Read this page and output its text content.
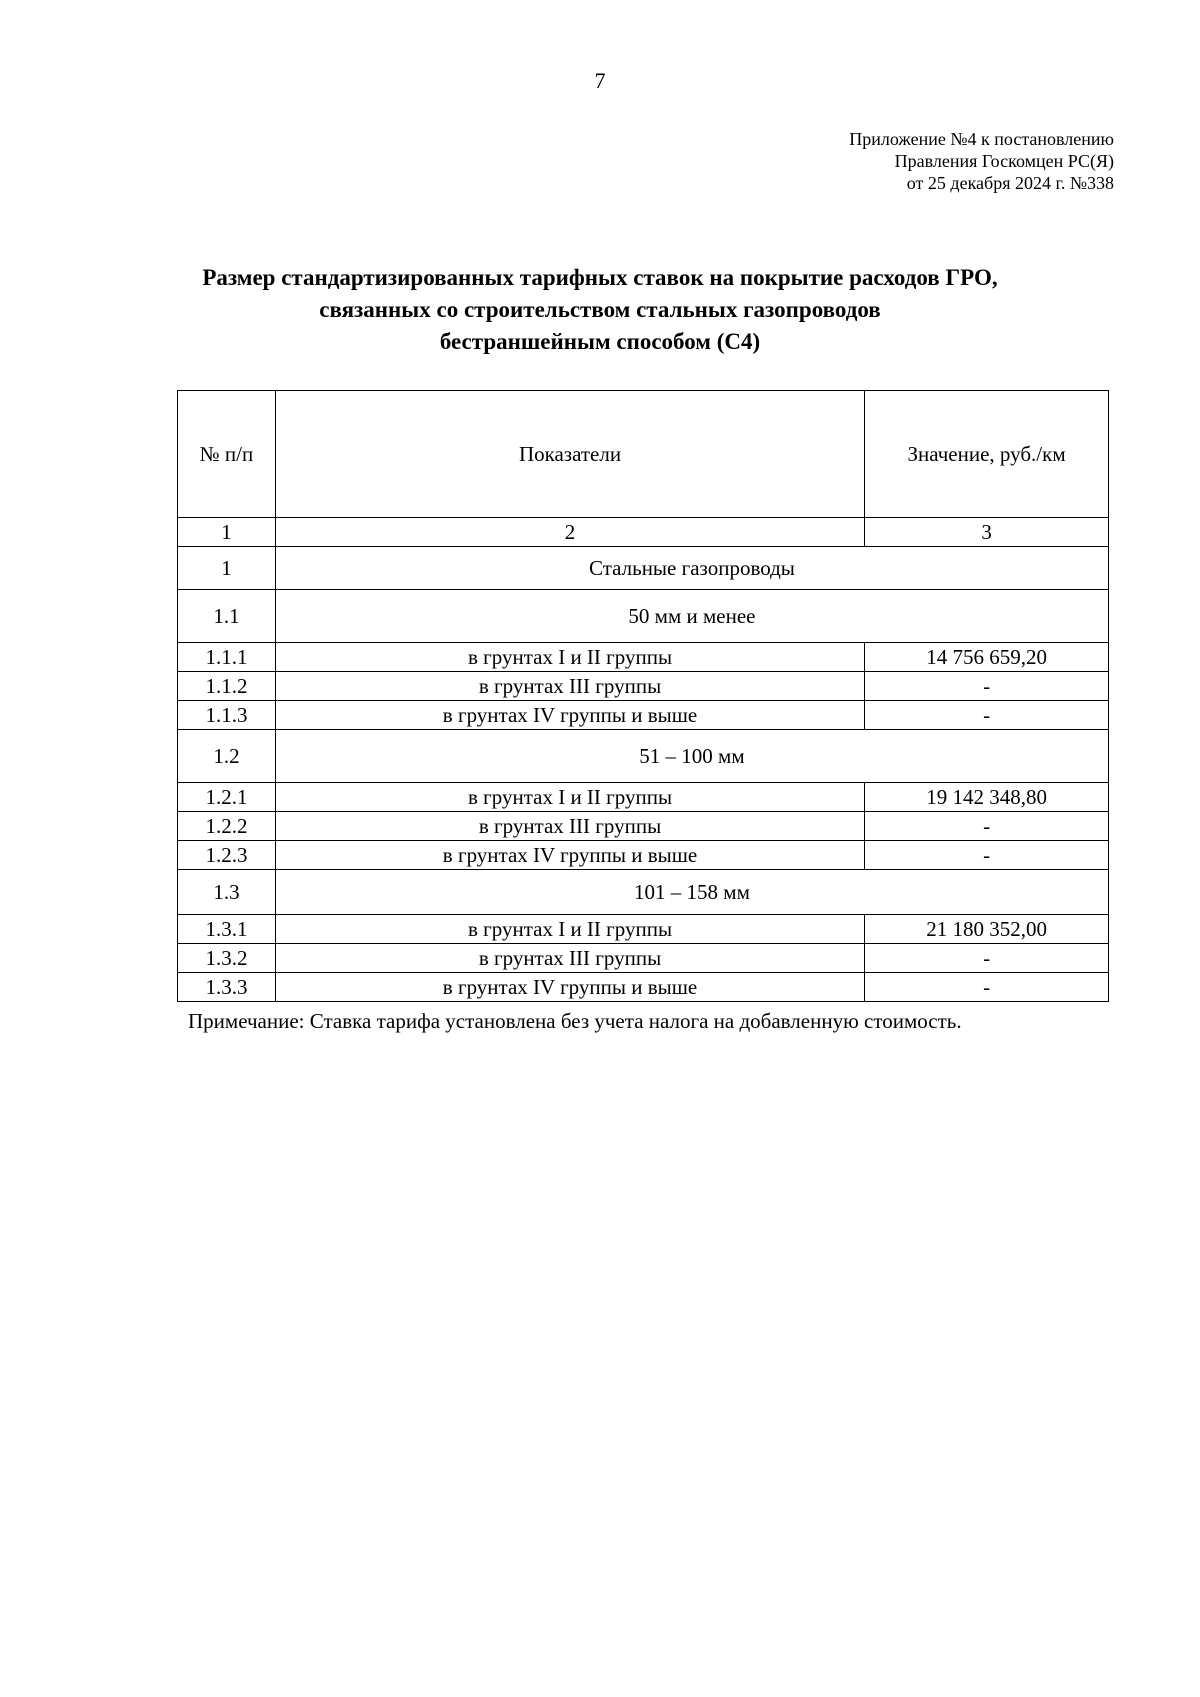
7
Приложение №4 к постановлению
Правления Госкомцен РС(Я)
от 25 декабря 2024 г. №338
Размер стандартизированных тарифных ставок на покрытие расходов ГРО,
связанных со строительством стальных газопроводов
бестраншейным способом (С4)
№ п/п	Показатели	Значение, руб./км
1	2	3
1	Стальные газопроводы	
1.1	50 мм и менее	
1.1.1	в грунтах I и II группы	14 756 659,20
1.1.2	в грунтах III группы	-
1.1.3	в грунтах IV группы и выше	-
1.2	51 – 100 мм	
1.2.1	в грунтах I и II группы	19 142 348,80
1.2.2	в грунтах III группы	-
1.2.3	в грунтах IV группы и выше	-
1.3	101 – 158 мм	
1.3.1	в грунтах I и II группы	21 180 352,00
1.3.2	в грунтах III группы	-
1.3.3	в грунтах IV группы и выше	-
Примечание: Ставка тарифа установлена без учета налога на добавленную стоимость.
